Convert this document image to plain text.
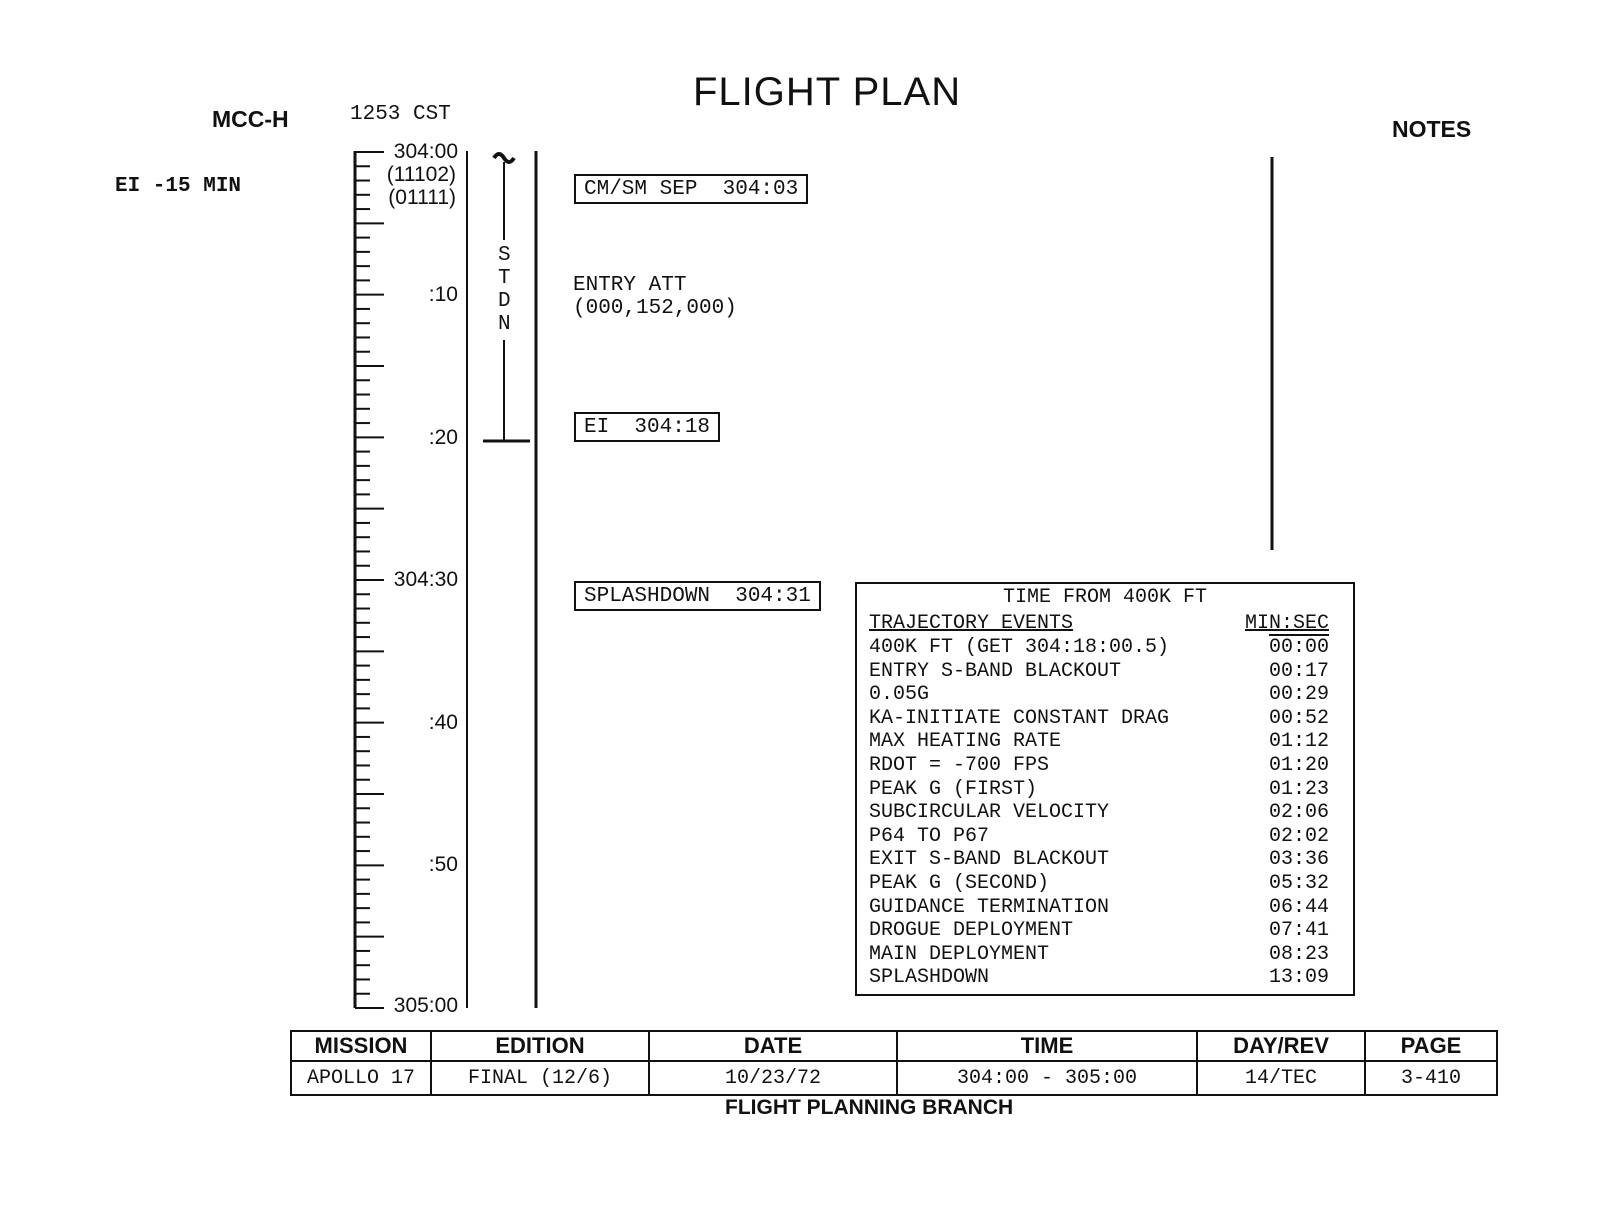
FLIGHT PLAN
MCC-H	1253 CST
NOTES
EI -15 MIN
304:00
(11102)
(01111)
:10
:20
304:30
:40
:50
305:00
S
T
D
N
CM/SM SEP  304:03
ENTRY ATT
(000,152,000)
EI  304:18
SPLASHDOWN  304:31	TIME FROM 400K FT
TRAJECTORY EVENTS	MIN:SEC
400K FT (GET 304:18:00.5)	00:00
ENTRY S-BAND BLACKOUT	00:17
0.05G	00:29
KA-INITIATE CONSTANT DRAG	00:52
MAX HEATING RATE	01:12
RDOT = -700 FPS	01:20
PEAK G (FIRST)	01:23
SUBCIRCULAR VELOCITY	02:06
P64 TO P67	02:02
EXIT S-BAND BLACKOUT	03:36
PEAK G (SECOND)	05:32
GUIDANCE TERMINATION	06:44
DROGUE DEPLOYMENT	07:41
MAIN DEPLOYMENT	08:23
SPLASHDOWN	13:09
MISSION	EDITION	DATE	TIME	DAY/REV	PAGE
APOLLO 17	FINAL (12/6)	10/23/72	304:00 - 305:00	14/TEC	3-410
FLIGHT PLANNING BRANCH
